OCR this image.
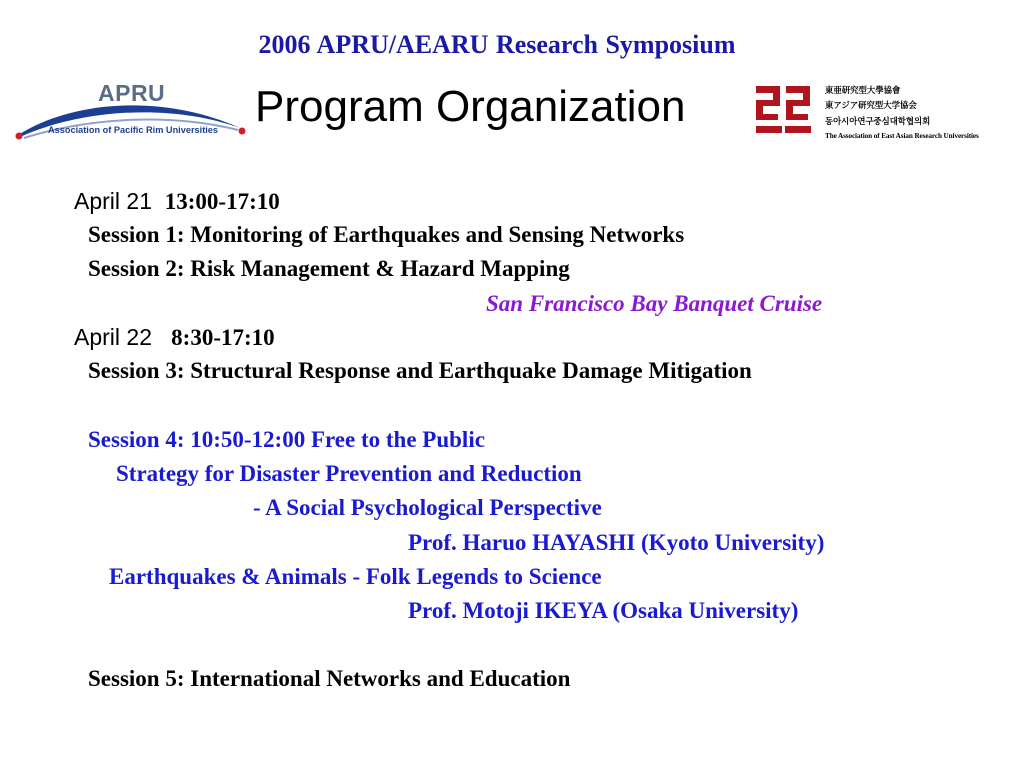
2006 APRU/AEARU Research Symposium
APRU
Association of Pacific Rim Universities Program Organization	東亜研究型大學協會
東アジア研究型大学協会
동아시아연구중심대학협의회
The Association of East Asian Research Universities
April 21 13:00-17:10
Session 1: Monitoring of Earthquakes and Sensing Networks
Session 2: Risk Management & Hazard Mapping
San Francisco Bay Banquet Cruise
April 22 8:30-17:10
Session 3: Structural Response and Earthquake Damage Mitigation
Session 4: 10:50-12:00 Free to the Public
Strategy for Disaster Prevention and Reduction
- A Social Psychological Perspective
Prof. Haruo HAYASHI (Kyoto University)
Earthquakes & Animals - Folk Legends to Science
Prof. Motoji IKEYA (Osaka University)
Session 5: International Networks and Education
